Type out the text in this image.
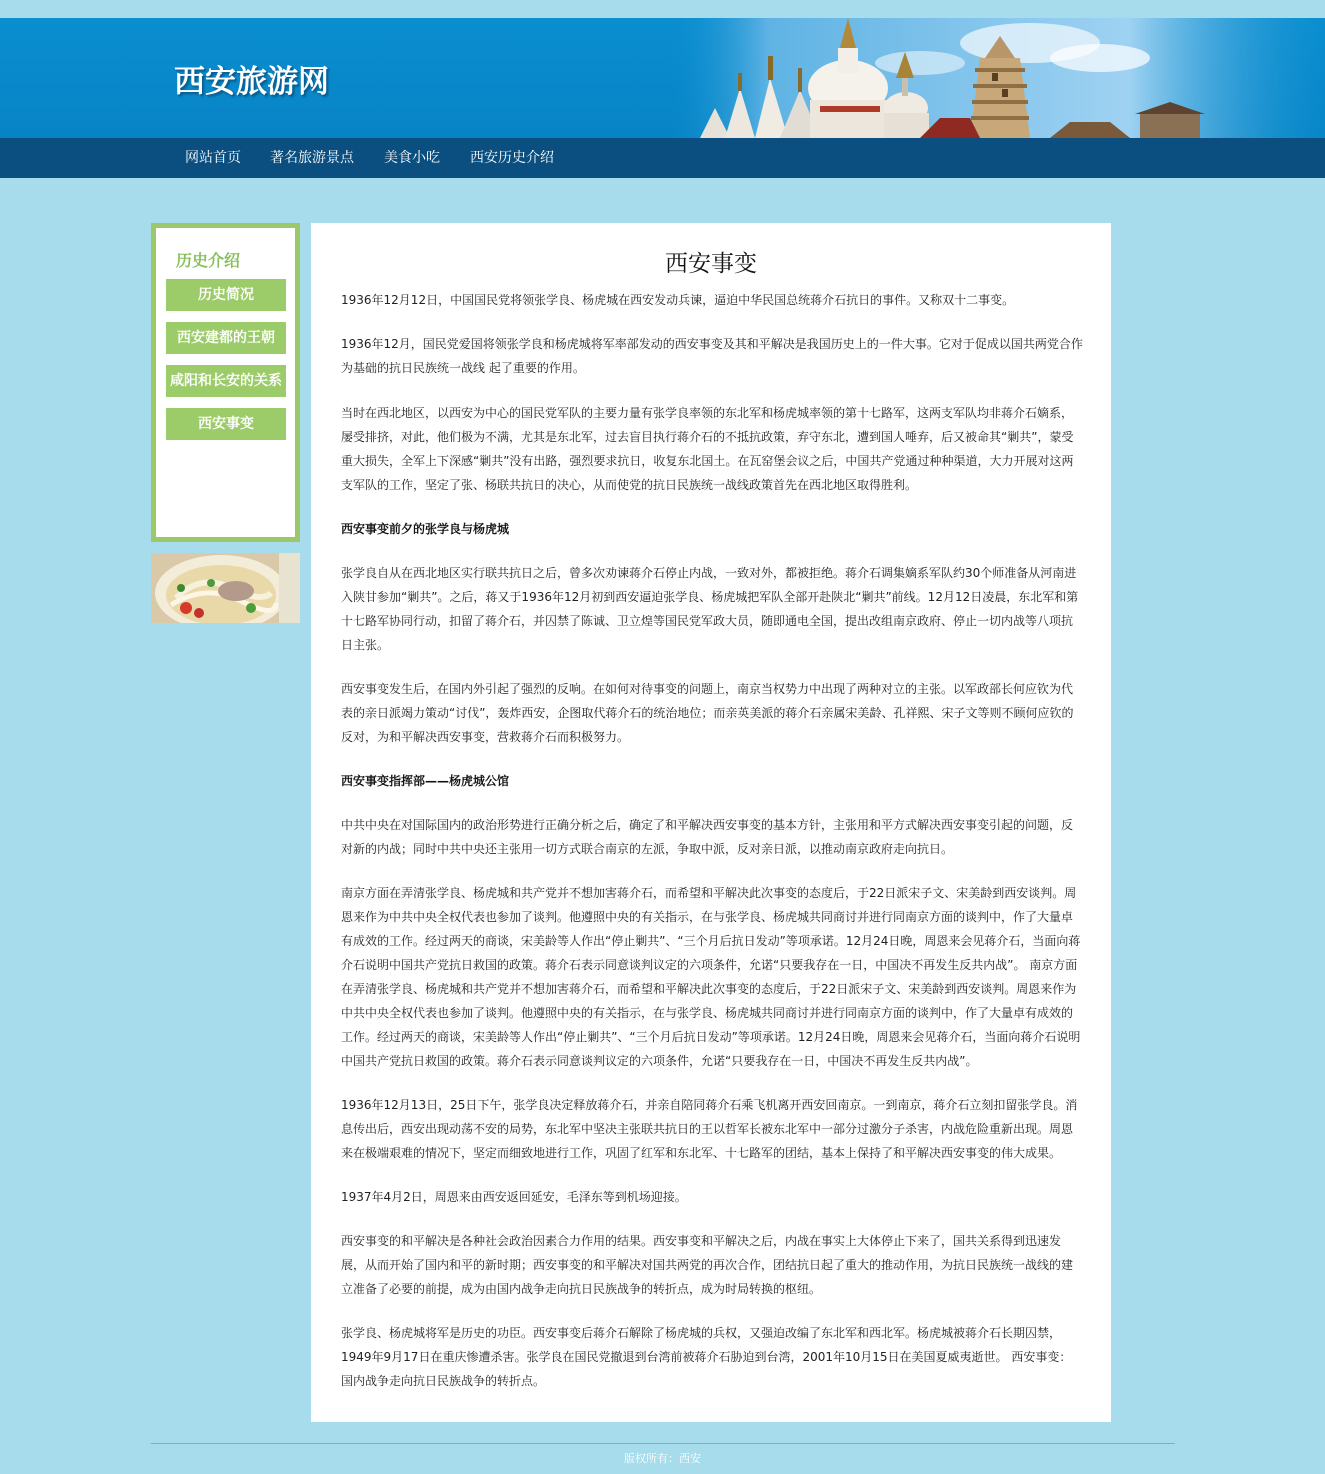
西安旅游网
网站首页 著名旅游景点 美食小吃 西安历史介绍
历史介绍
历史简况
西安建都的王朝
咸阳和长安的关系
西安事变
西安事变
1936年12月12日，中国国民党将领张学良、杨虎城在西安发动兵谏，逼迫中华民国总统蒋介石抗日的事件。又称双十二事变。
1936年12月，国民党爱国将领张学良和杨虎城将军率部发动的西安事变及其和平解决是我国历史上的一件大事。它对于促成以国共两党合作为基础的抗日民族统一战线 起了重要的作用。
当时在西北地区，以西安为中心的国民党军队的主要力量有张学良率领的东北军和杨虎城率领的第十七路军，这两支军队均非蒋介石嫡系，屡受排挤，对此，他们极为不满，尤其是东北军，过去盲目执行蒋介石的不抵抗政策，弃守东北，遭到国人唾弃，后又被命其“剿共”，蒙受重大损失，全军上下深感“剿共”没有出路，强烈要求抗日，收复东北国土。在瓦窑堡会议之后，中国共产党通过种种渠道，大力开展对这两支军队的工作，坚定了张、杨联共抗日的决心，从而使党的抗日民族统一战线政策首先在西北地区取得胜利。
西安事变前夕的张学良与杨虎城
张学良自从在西北地区实行联共抗日之后，曾多次劝谏蒋介石停止内战，一致对外，都被拒绝。蒋介石调集嫡系军队约30个师准备从河南进入陕甘参加“剿共”。之后，蒋又于1936年12月初到西安逼迫张学良、杨虎城把军队全部开赴陕北“剿共”前线。12月12日凌晨，东北军和第十七路军协同行动，扣留了蒋介石，并囚禁了陈诚、卫立煌等国民党军政大员，随即通电全国，提出改组南京政府、停止一切内战等八项抗日主张。
西安事变发生后，在国内外引起了强烈的反响。在如何对待事变的问题上，南京当权势力中出现了两种对立的主张。以军政部长何应钦为代表的亲日派竭力策动“讨伐”，轰炸西安，企图取代蒋介石的统治地位；而亲英美派的蒋介石亲属宋美龄、孔祥熙、宋子文等则不顾何应钦的反对，为和平解决西安事变，营救蒋介石而积极努力。
西安事变指挥部——杨虎城公馆
中共中央在对国际国内的政治形势进行正确分析之后，确定了和平解决西安事变的基本方针，主张用和平方式解决西安事变引起的问题，反对新的内战；同时中共中央还主张用一切方式联合南京的左派，争取中派，反对亲日派，以推动南京政府走向抗日。
南京方面在弄清张学良、杨虎城和共产党并不想加害蒋介石，而希望和平解决此次事变的态度后，于22日派宋子文、宋美龄到西安谈判。周恩来作为中共中央全权代表也参加了谈判。他遵照中央的有关指示，在与张学良、杨虎城共同商讨并进行同南京方面的谈判中，作了大量卓有成效的工作。经过两天的商谈，宋美龄等人作出“停止剿共”、“三个月后抗日发动”等项承诺。12月24日晚，周恩来会见蒋介石，当面向蒋介石说明中国共产党抗日救国的政策。蒋介石表示同意谈判议定的六项条件，允诺“只要我存在一日，中国决不再发生反共内战”。 南京方面在弄清张学良、杨虎城和共产党并不想加害蒋介石，而希望和平解决此次事变的态度后，于22日派宋子文、宋美龄到西安谈判。周恩来作为中共中央全权代表也参加了谈判。他遵照中央的有关指示，在与张学良、杨虎城共同商讨并进行同南京方面的谈判中，作了大量卓有成效的工作。经过两天的商谈，宋美龄等人作出“停止剿共”、“三个月后抗日发动”等项承诺。12月24日晚，周恩来会见蒋介石，当面向蒋介石说明中国共产党抗日救国的政策。蒋介石表示同意谈判议定的六项条件，允诺“只要我存在一日，中国决不再发生反共内战”。
1936年12月13日，25日下午，张学良决定释放蒋介石，并亲自陪同蒋介石乘飞机离开西安回南京。一到南京，蒋介石立刻扣留张学良。消息传出后，西安出现动荡不安的局势，东北军中坚决主张联共抗日的王以哲军长被东北军中一部分过激分子杀害，内战危险重新出现。周恩来在极端艰难的情况下，坚定而细致地进行工作，巩固了红军和东北军、十七路军的团结，基本上保持了和平解决西安事变的伟大成果。
1937年4月2日，周恩来由西安返回延安，毛泽东等到机场迎接。
西安事变的和平解决是各种社会政治因素合力作用的结果。西安事变和平解决之后，内战在事实上大体停止下来了，国共关系得到迅速发展，从而开始了国内和平的新时期；西安事变的和平解决对国共两党的再次合作，团结抗日起了重大的推动作用，为抗日民族统一战线的建立准备了必要的前提，成为由国内战争走向抗日民族战争的转折点，成为时局转换的枢纽。
张学良、杨虎城将军是历史的功臣。西安事变后蒋介石解除了杨虎城的兵权，又强迫改编了东北军和西北军。杨虎城被蒋介石长期囚禁，1949年9月17日在重庆惨遭杀害。张学良在国民党撤退到台湾前被蒋介石胁迫到台湾，2001年10月15日在美国夏威夷逝世。 西安事变：国内战争走向抗日民族战争的转折点。
版权所有：西安
